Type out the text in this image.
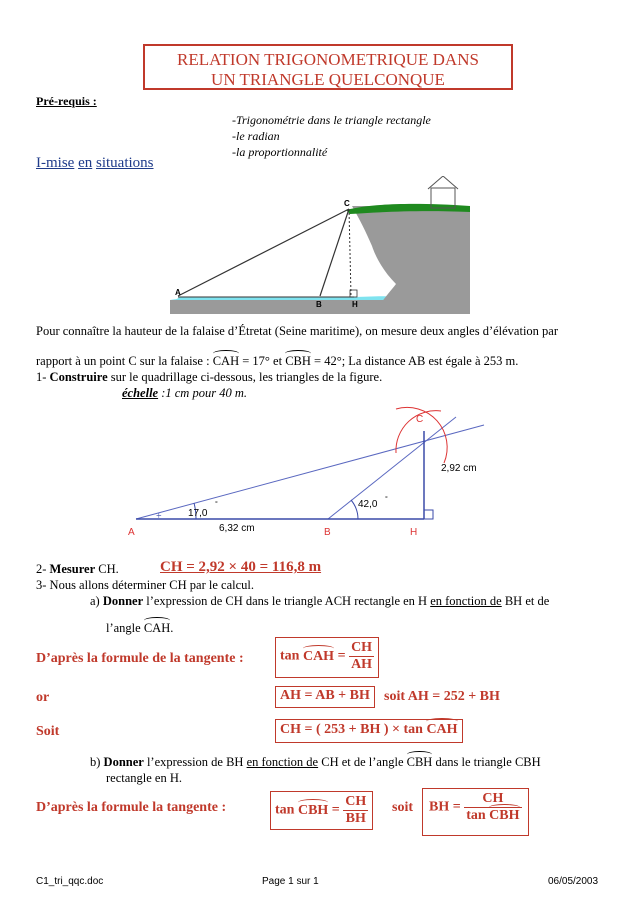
RELATION TRIGONOMETRIQUE DANS
UN TRIANGLE QUELCONQUE
Pré-requis :
-Trigonométrie dans le triangle rectangle
-le radian
-la proportionnalité
I-mise en situations
C
A
B	H
Pour connaître la hauteur de la falaise d’Étretat (Seine maritime), on mesure deux angles d’élévation par
rapport à un point C sur la falaise : CAH = 17° et CBH = 42°; La distance AB est égale à 253 m.
1- Construire sur le quadrillage ci-dessous, les triangles de la figure.
échelle :1 cm pour 40 m.
+
A	B	H
C
17,0
°	42,0 °
6,32 cm
2,92 cm
2- Mesurer CH.	CH = 2,92 × 40 = 116,8 m
3- Nous allons déterminer CH par le calcul.
a) Donner l’expression de CH dans le triangle ACH rectangle en H en fonction de BH et de
l’angle CAH.
D’après la formule de la tangente :	tan CAH = $\frac{CH}{AH}$
or	AH = AB + BH	soit AH = 252 + BH
Soit	CH = ( 253 + BH ) × tan CAH
b) Donner l’expression de BH en fonction de CH et de l’angle CBH dans le triangle CBH
rectangle en H.
D’après la formule la tangente :	tan CBH = $\frac{CH}{BH}$ soit	BH = $\frac{CH}{\text{tan CBH}}$
C1_tri_qqc.doc	Page 1 sur 1	06/05/2003
